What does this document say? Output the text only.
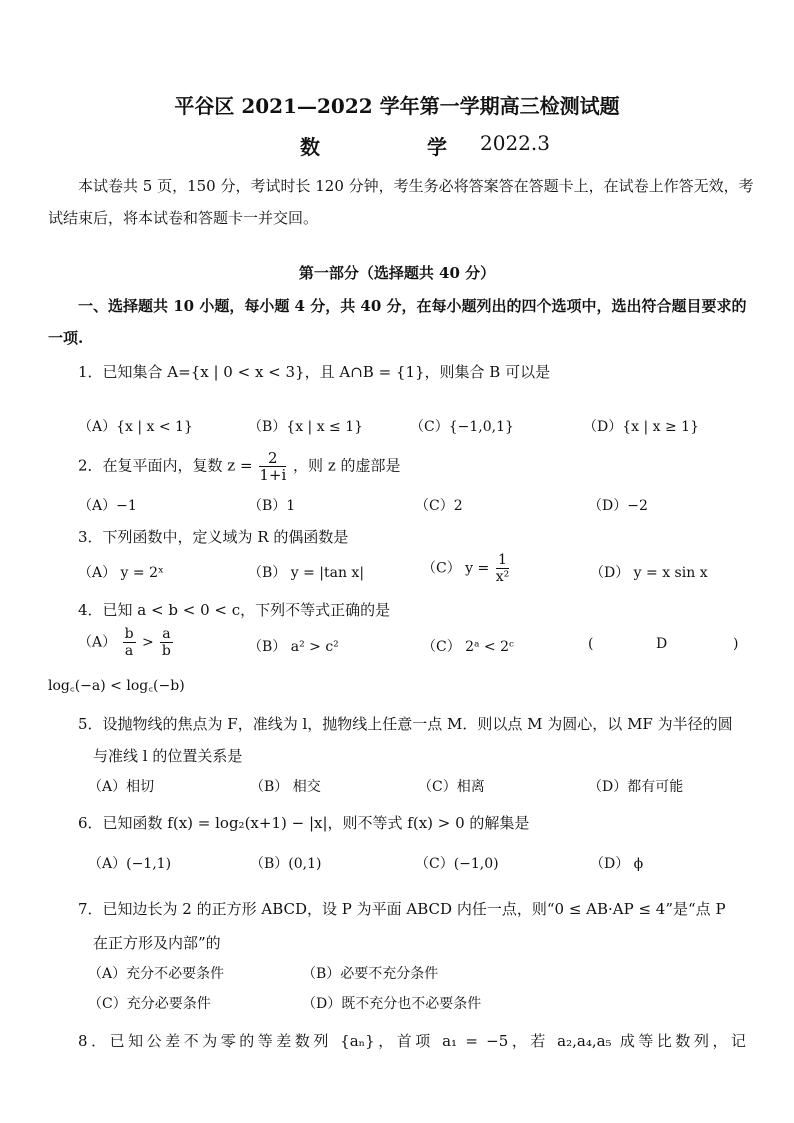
平谷区 2021—2022 学年第一学期高三检测试题
数 学
2022.3
本试卷共 5 页，150 分，考试时长 120 分钟，考生务必将答案答在答题卡上，在试卷上作答无效，考试结束后，将本试卷和答题卡一并交回。
第一部分（选择题共 40 分）
一、选择题共 10 小题，每小题 4 分，共 40 分，在每小题列出的四个选项中，选出符合题目要求的一项.
1．已知集合 A={x | 0 < x < 3}，且 A∩B = {1}，则集合 B 可以是
（A）{x | x < 1}	（B）{x | x ≤ 1}	（C）{−1,0,1}	（D）{x | x ≥ 1}
2．在复平面内，复数 $z = \frac{2}{1+i}$ ，则 z 的虚部是
（A）−1	（B）1	（C）2	（D）−2
3．下列函数中，定义域为 R 的偶函数是
（A） y = 2ˣ	（B） y = |tan x|	（C） $y = \frac{1}{\text{x²}}$	（D） y = x sin x
4．已知 a < b < 0 < c，下列不等式正确的是
$(A) \frac{b}{a} > \frac{a}{b}$	（B） a² > c²	（C） 2ᵃ < 2ᶜ	(	D	)
log꜀(−a) < log꜀(−b)
5．设抛物线的焦点为 F，准线为 l，抛物线上任意一点 M．则以点 M 为圆心，以 MF 为半径的圆
与准线 l 的位置关系是
（A）相切	（B） 相交	（C）相离	（D）都有可能
6．已知函数 f(x) = log₂(x+1) − |x|，则不等式 f(x) > 0 的解集是
（A）(−1,1)	（B）(0,1)	（C）(−1,0)	（D） ϕ
7．已知边长为 2 的正方形 ABCD，设 P 为平面 ABCD 内任一点，则“0 ≤ AB·AP ≤ 4”是“点 P
在正方形及内部”的
（A）充分不必要条件	（B）必要不充分条件
（C）充分必要条件	（D）既不充分也不必要条件
8．已知公差不为零的等差数列 {aₙ}，首项 a₁ = −5，若 a₂,a₄,a₅ 成等比数列，记
